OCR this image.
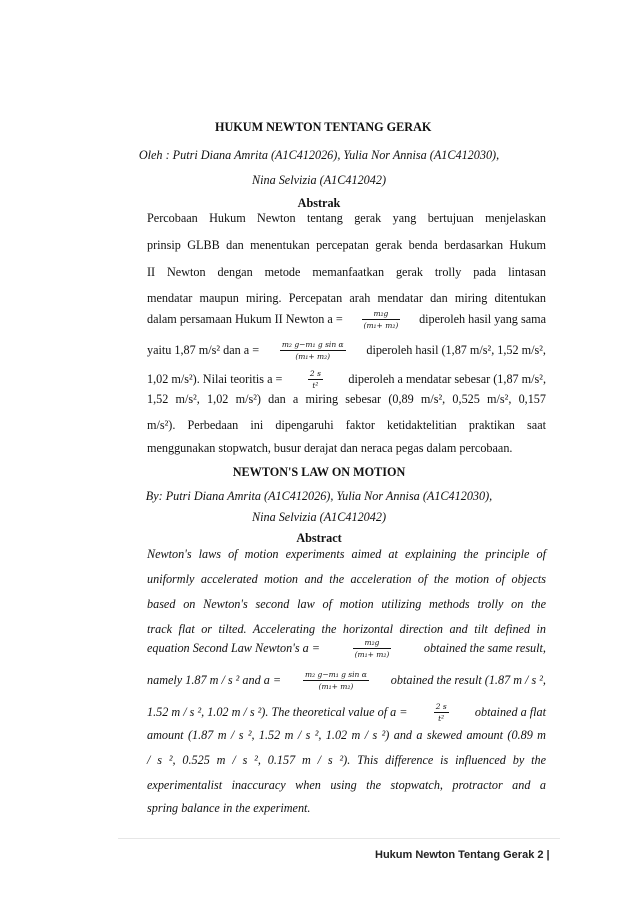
HUKUM NEWTON TENTANG GERAK
Oleh : Putri Diana Amrita (A1C412026), Yulia Nor Annisa (A1C412030),
Nina Selvizia (A1C412042)
Abstrak
Percobaan Hukum Newton tentang gerak yang bertujuan menjelaskan
prinsip GLBB dan menentukan percepatan gerak benda berdasarkan Hukum
II Newton dengan metode memanfaatkan gerak trolly pada lintasan
mendatar maupun miring. Percepatan arah mendatar dan miring ditentukan
dalam persamaan Hukum II Newton a =	$\frac{\text{m₂g}}{\text{(m₁+ m₂)}}$ diperoleh hasil yang sama
yaitu 1,87 m/s² dan a =	$\frac{\text{m₂ g−m₁ g sin α}}{\text{(m₁+ m₂)}}$ diperoleh hasil (1,87 m/s², 1,52 m/s²,
1,02 m/s²). Nilai teoritis a =	$\frac{2 s}{\text{t²}}$ diperoleh a mendatar sebesar (1,87 m/s²,
1,52 m/s², 1,02 m/s²) dan a miring sebesar (0,89 m/s², 0,525 m/s², 0,157
m/s²). Perbedaan ini dipengaruhi faktor ketidaktelitian praktikan saat
menggunakan stopwatch, busur derajat dan neraca pegas dalam percobaan.
NEWTON'S LAW ON MOTION
By: Putri Diana Amrita (A1C412026), Yulia Nor Annisa (A1C412030),
Nina Selvizia (A1C412042)
Abstract
Newton's laws of motion experiments aimed at explaining the principle of
uniformly accelerated motion and the acceleration of the motion of objects
based on Newton's second law of motion utilizing methods trolly on the
track flat or tilted. Accelerating the horizontal direction and tilt defined in
equation Second Law Newton's a =	$\frac{\text{m₂g}}{\text{(m₁+ m₂)}}$	obtained the same result,
namely 1.87 m / s ² and a =	$\frac{\text{m₂ g−m₁ g sin α}}{\text{(m₁+ m₂)}}$ obtained the result (1.87 m / s ²,
1.52 m / s ², 1.02 m / s ²). The theoretical value of a =	$\frac{2 s}{\text{t²}}$ obtained a flat
amount (1.87 m / s ², 1.52 m / s ², 1.02 m / s ²) and a skewed amount (0.89 m
/ s ², 0.525 m / s ², 0.157 m / s ²). This difference is influenced by the
experimentalist inaccuracy when using the stopwatch, protractor and a
spring balance in the experiment.
Hukum Newton Tentang Gerak 2 |
